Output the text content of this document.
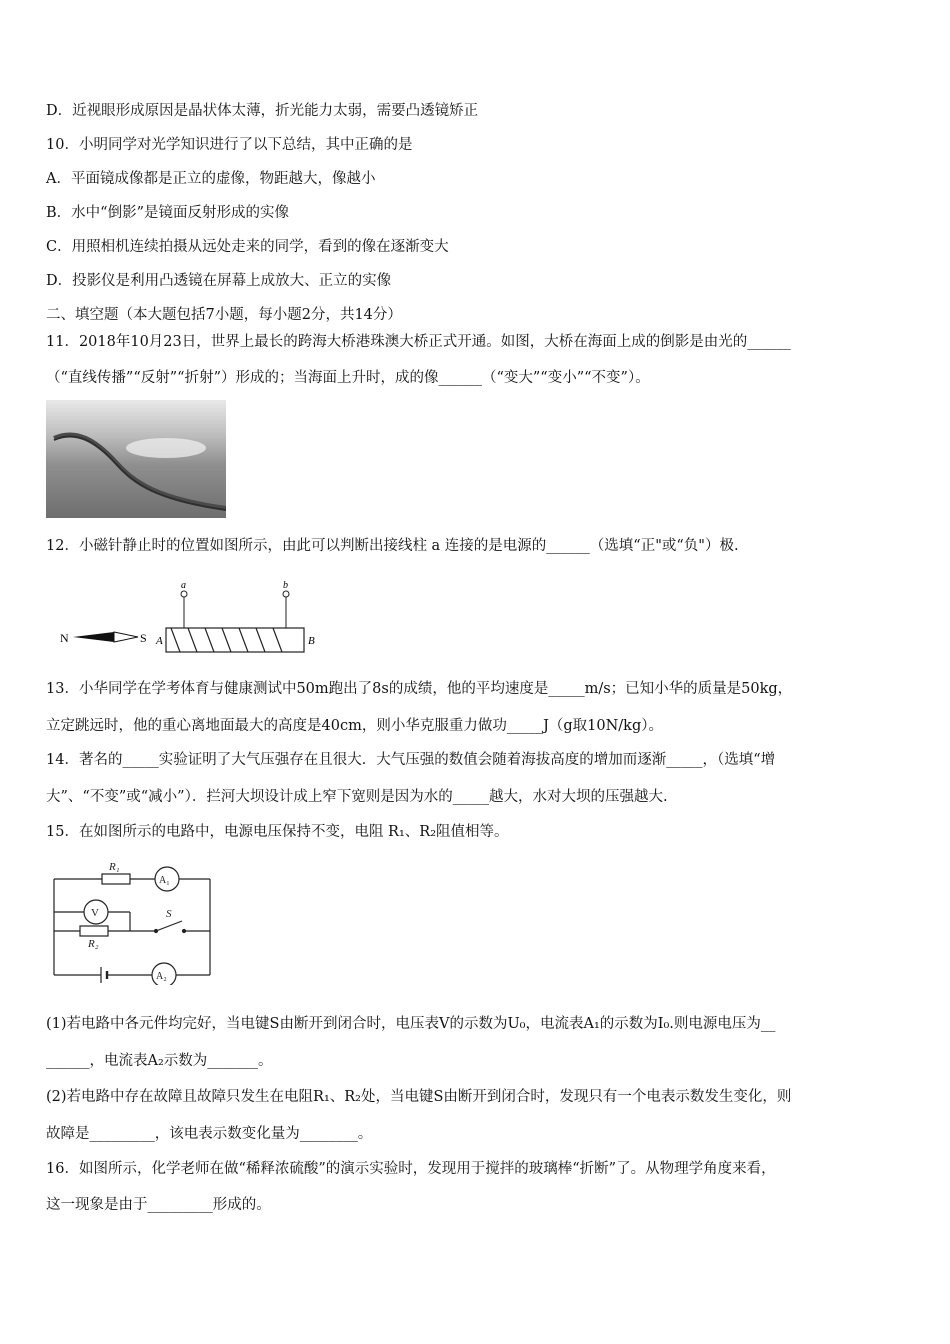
D．近视眼形成原因是晶状体太薄，折光能力太弱，需要凸透镜矫正
10．小明同学对光学知识进行了以下总结，其中正确的是
A．平面镜成像都是正立的虚像，物距越大，像越小
B．水中“倒影”是镜面反射形成的实像
C．用照相机连续拍摄从远处走来的同学，看到的像在逐渐变大
D．投影仪是利用凸透镜在屏幕上成放大、正立的实像
二、填空题（本大题包括7小题，每小题2分，共14分）
11．2018年10月23日，世界上最长的跨海大桥港珠澳大桥正式开通。如图，大桥在海面上成的倒影是由光的______
（“直线传播”“反射”“折射”）形成的；当海面上升时，成的像______（“变大”“变小”“不变”）。
12．小磁针静止时的位置如图所示，由此可以判断出接线柱 a 连接的是电源的______（选填“正"或“负"）极.
N	S A	B
a	b
13．小华同学在学考体育与健康测试中50m跑出了8s的成绩，他的平均速度是_____m/s；已知小华的质量是50kg，
立定跳远时，他的重心离地面最大的高度是40cm，则小华克服重力做功_____J（g取10N/kg）。
14．著名的_____实验证明了大气压强存在且很大．大气压强的数值会随着海拔高度的增加而逐渐_____，（选填“增
大”、“不变”或“减小”）．拦河大坝设计成上窄下宽则是因为水的_____越大，水对大坝的压强越大.
15．在如图所示的电路中，电源电压保持不变，电阻 R₁、R₂阻值相等。
R₁
A₁
V
R₂
S
A₂
(1)若电路中各元件均完好，当电键S由断开到闭合时，电压表V的示数为U₀，电流表A₁的示数为I₀.则电源电压为__
______，电流表A₂示数为_______。
(2)若电路中存在故障且故障只发生在电阻R₁、R₂处，当电键S由断开到闭合时，发现只有一个电表示数发生变化，则
故障是_________，该电表示数变化量为________。
16．如图所示，化学老师在做“稀释浓硫酸”的演示实验时，发现用于搅拌的玻璃棒“折断”了。从物理学角度来看，
这一现象是由于_________形成的。
